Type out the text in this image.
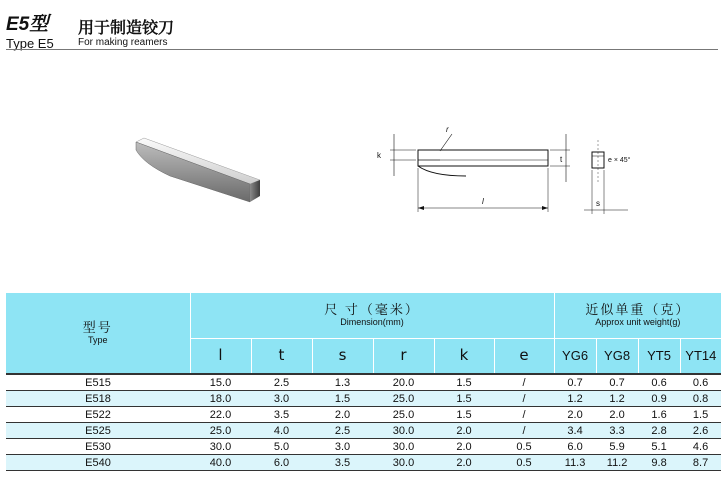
E5型
Type E5
用于制造铰刀
For making reamers
r
k	t
l
e × 45°
s
型号
Type	尺 寸（毫米）
Dimension(mm)						近似单重（克）
Approx unit weight(g)			

	l	t	s	r	k	e	YG6	YG8	YT5	YT14
E515	15.0	2.5	1.3	20.0	1.5	/	0.7	0.7	0.6	0.6
E518	18.0	3.0	1.5	25.0	1.5	/	1.2	1.2	0.9	0.8
E522	22.0	3.5	2.0	25.0	1.5	/	2.0	2.0	1.6	1.5
E525	25.0	4.0	2.5	30.0	2.0	/	3.4	3.3	2.8	2.6
E530	30.0	5.0	3.0	30.0	2.0	0.5	6.0	5.9	5.1	4.6
E540	40.0	6.0	3.5	30.0	2.0	0.5	11.3	11.2	9.8	8.7
